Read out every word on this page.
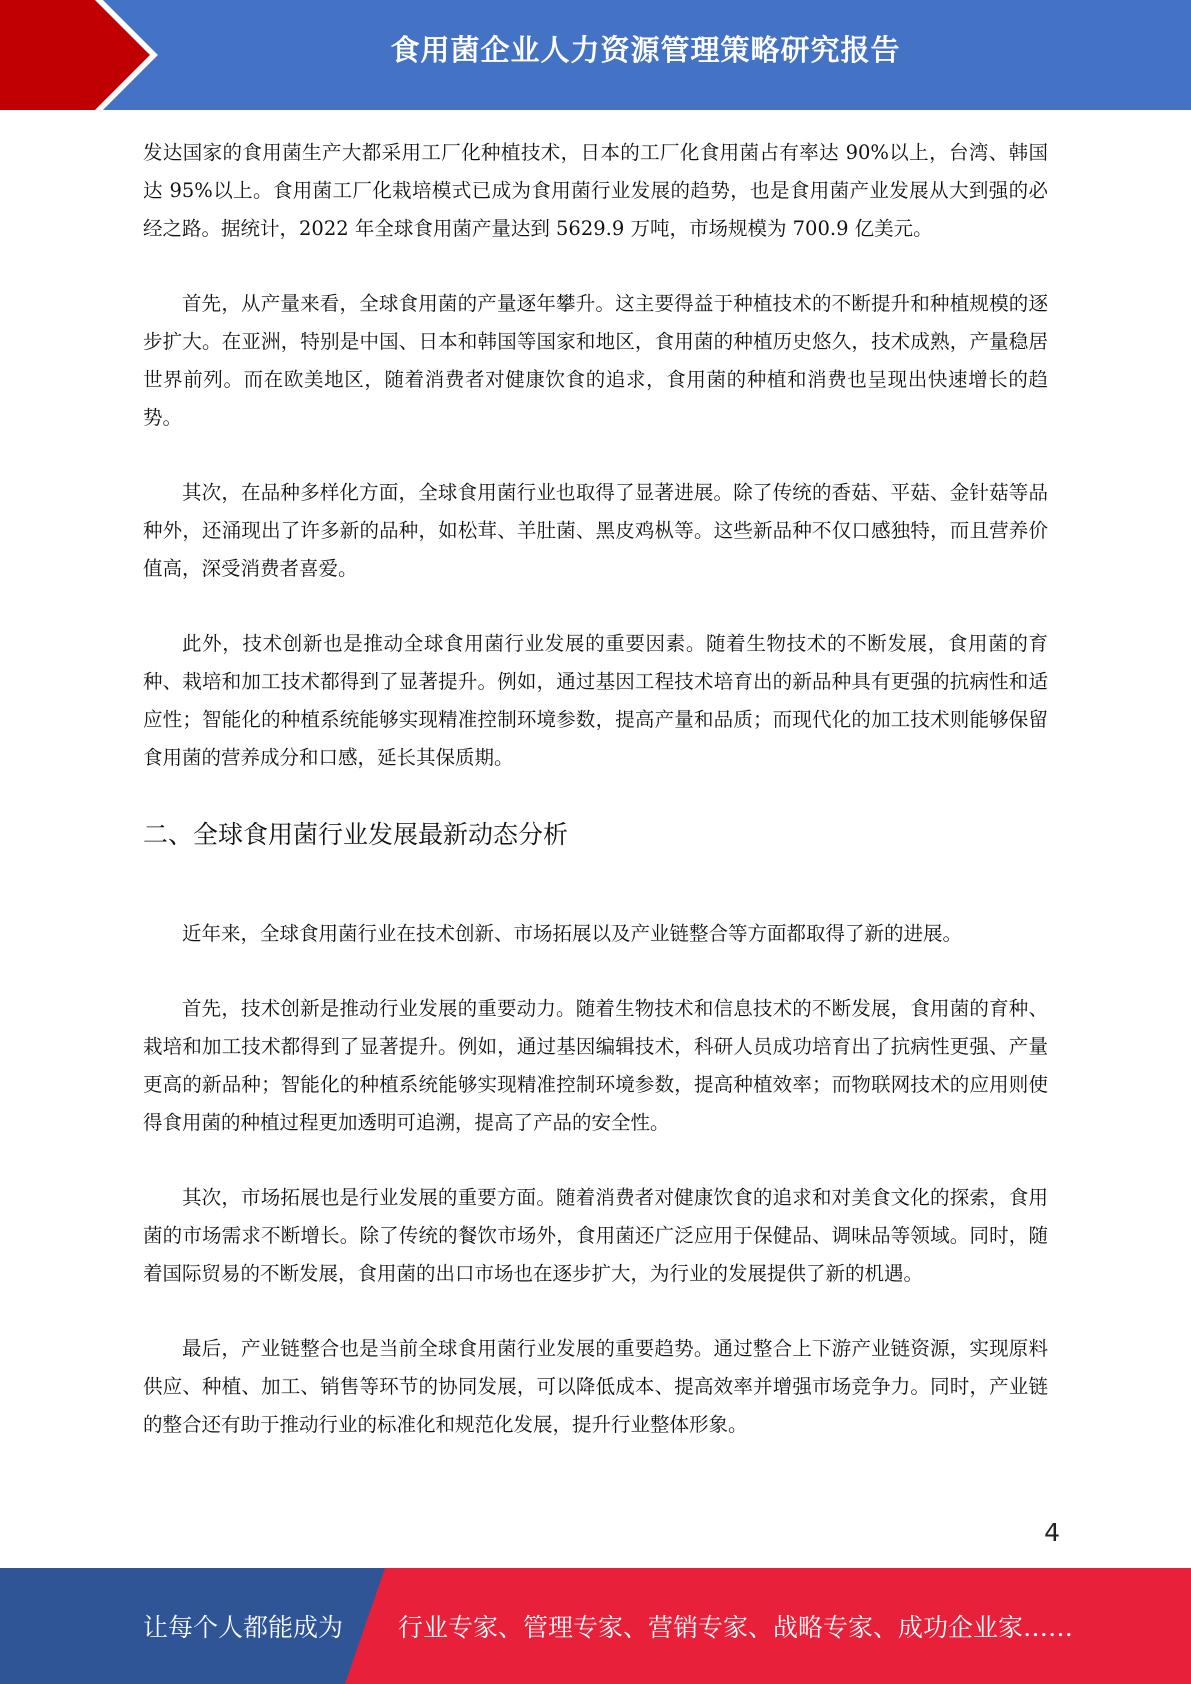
食用菌企业人力资源管理策略研究报告

发达国家的食用菌生产大都采用工厂化种植技术，日本的工厂化食用菌占有率达 90%以上，台湾、韩国达 95%以上。食用菌工厂化栽培模式已成为食用菌行业发展的趋势，也是食用菌产业发展从大到强的必经之路。据统计，2022 年全球食用菌产量达到 5629.9 万吨，市场规模为 700.9 亿美元。

首先，从产量来看，全球食用菌的产量逐年攀升。这主要得益于种植技术的不断提升和种植规模的逐步扩大。在亚洲，特别是中国、日本和韩国等国家和地区，食用菌的种植历史悠久，技术成熟，产量稳居世界前列。而在欧美地区，随着消费者对健康饮食的追求，食用菌的种植和消费也呈现出快速增长的趋势。

其次，在品种多样化方面，全球食用菌行业也取得了显著进展。除了传统的香菇、平菇、金针菇等品种外，还涌现出了许多新的品种，如松茸、羊肚菌、黑皮鸡枞等。这些新品种不仅口感独特，而且营养价值高，深受消费者喜爱。

此外，技术创新也是推动全球食用菌行业发展的重要因素。随着生物技术的不断发展，食用菌的育种、栽培和加工技术都得到了显著提升。例如，通过基因工程技术培育出的新品种具有更强的抗病性和适应性；智能化的种植系统能够实现精准控制环境参数，提高产量和品质；而现代化的加工技术则能够保留食用菌的营养成分和口感，延长其保质期。

二、全球食用菌行业发展最新动态分析

近年来，全球食用菌行业在技术创新、市场拓展以及产业链整合等方面都取得了新的进展。

首先，技术创新是推动行业发展的重要动力。随着生物技术和信息技术的不断发展，食用菌的育种、栽培和加工技术都得到了显著提升。例如，通过基因编辑技术，科研人员成功培育出了抗病性更强、产量更高的新品种；智能化的种植系统能够实现精准控制环境参数，提高种植效率；而物联网技术的应用则使得食用菌的种植过程更加透明可追溯，提高了产品的安全性。

其次，市场拓展也是行业发展的重要方面。随着消费者对健康饮食的追求和对美食文化的探索，食用菌的市场需求不断增长。除了传统的餐饮市场外，食用菌还广泛应用于保健品、调味品等领域。同时，随着国际贸易的不断发展，食用菌的出口市场也在逐步扩大，为行业的发展提供了新的机遇。

最后，产业链整合也是当前全球食用菌行业发展的重要趋势。通过整合上下游产业链资源，实现原料供应、种植、加工、销售等环节的协同发展，可以降低成本、提高效率并增强市场竞争力。同时，产业链的整合还有助于推动行业的标准化和规范化发展，提升行业整体形象。

4
让每个人都能成为 行业专家、管理专家、营销专家、战略专家、成功企业家……
